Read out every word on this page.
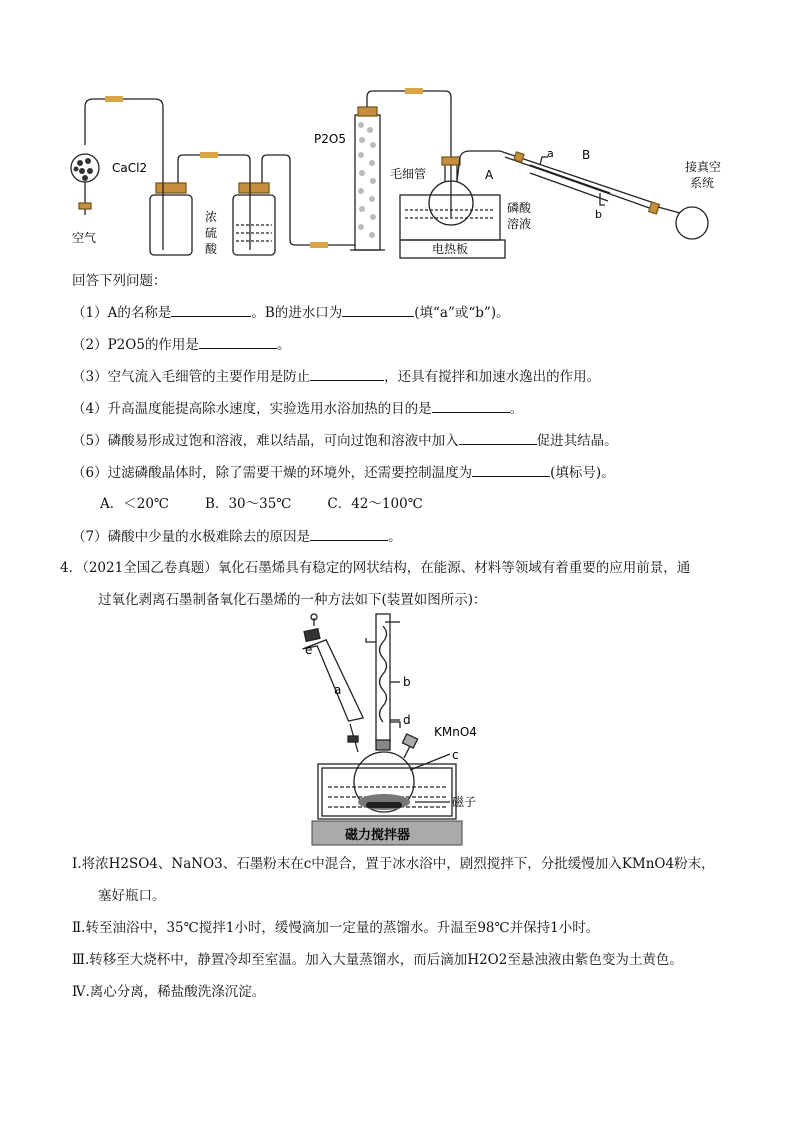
CaCl2
空气
浓
硫
酸
P2O5
毛细管	A
B
a
b
磷酸
溶液
电热板
接真空
系统
回答下列问题：
（1）A的名称是	。B的进水口为	(填“a”或“b”)。
（2）P2O5的作用是	。
（3）空气流入毛细管的主要作用是防止	，还具有搅拌和加速水逸出的作用。
（4）升高温度能提高除水速度，实验选用水浴加热的目的是	。
（5）磷酸易形成过饱和溶液，难以结晶，可向过饱和溶液中加入	促进其结晶。
（6）过滤磷酸晶体时，除了需要干燥的环境外，还需要控制温度为	(填标号)。
A．＜20℃	B．30～35℃	C．42～100℃
（7）磷酸中少量的水极难除去的原因是	。
4．（2021全国乙卷真题）氧化石墨烯具有稳定的网状结构，在能源、材料等领域有着重要的应用前景，通
过氧化剥离石墨制备氧化石墨烯的一种方法如下(装置如图所示)：
e
a
b
d
c
KMnO4
磁子
磁力搅拌器
Ⅰ.将浓H2SO4、NaNO3、石墨粉末在c中混合，置于冰水浴中，剧烈搅拌下，分批缓慢加入KMnO4粉末，
塞好瓶口。
Ⅱ.转至油浴中，35℃搅拌1小时，缓慢滴加一定量的蒸馏水。升温至98℃并保持1小时。
Ⅲ.转移至大烧杯中，静置冷却至室温。加入大量蒸馏水，而后滴加H2O2至悬浊液由紫色变为土黄色。
Ⅳ.离心分离，稀盐酸洗涤沉淀。
